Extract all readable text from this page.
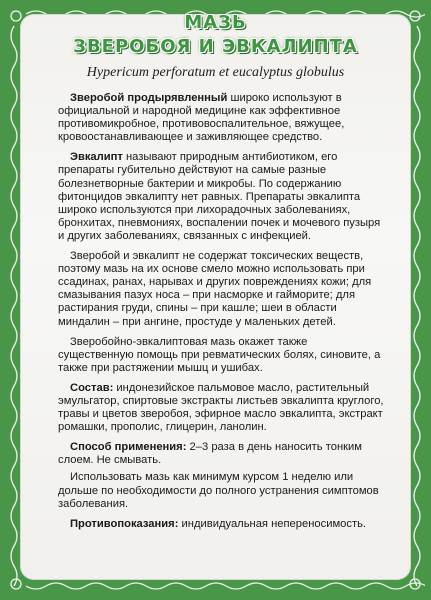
МАЗЬ
ЗВЕРОБОЯ И ЭВКАЛИПТА
Hypericum perforatum et eucalyptus globulus

Зверобой продырявленный широко используют в официальной и народной медицине как эффективное противомикробное, противовоспалительное, вяжущее, кровоостанавливающее и заживляющее средство.

Эвкалипт называют природным антибиотиком, его препараты губительно действуют на самые разные болезнетворные бактерии и микробы. По содержанию фитонцидов эвкалипту нет равных. Препараты эвкалипта широко используются при лихорадочных заболеваниях, бронхитах, пневмониях, воспалении почек и мочевого пузыря и других заболеваниях, связанных с инфекцией.

Зверобой и эвкалипт не содержат токсических веществ, поэтому мазь на их основе смело можно использовать при ссадинах, ранах, нарывах и других повреждениях кожи; для смазывания пазух носа – при насморке и гайморите; для растирания груди, спины – при кашле; шеи в области миндалин – при ангине, простуде у маленьких детей.

Зверобойно-эвкалиптовая мазь окажет также существенную помощь при ревматических болях, синовите, а также при растяжении мышц и ушибах.

Состав: индонезийское пальмовое масло, растительный эмульгатор, спиртовые экстракты листьев эвкалипта круглого, травы и цветов зверобоя, эфирное масло эвкалипта, экстракт ромашки, прополис, глицерин, ланолин.

Способ применения: 2–3 раза в день наносить тонким слоем. Не смывать.

Использовать мазь как минимум курсом 1 неделю или дольше по необходимости до полного устранения симптомов заболевания.

Противопоказания: индивидуальная непереносимость.
